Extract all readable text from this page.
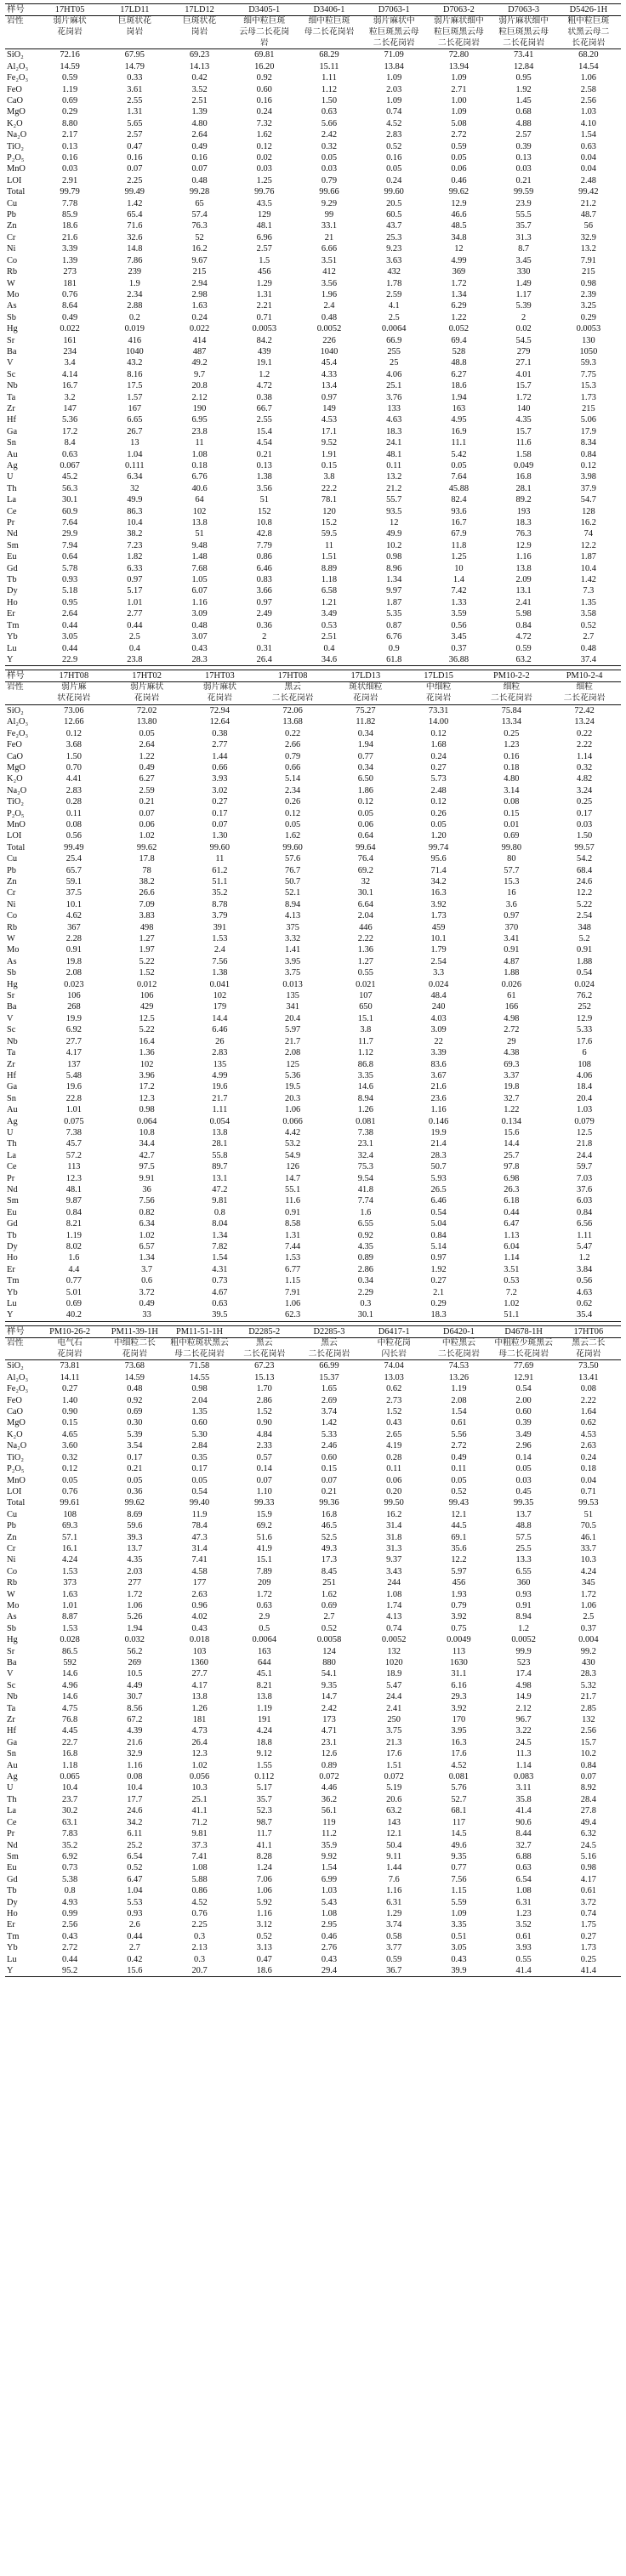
样号	17HT05	17LD11	17LD12	D3405-1	D3406-1	D7063-1	D7063-2	D7063-3	D5426-1H
岩性	弱片麻状	巨斑状花	巨斑状花	细中粒巨斑	细中粒巨斑	弱片麻状中	弱片麻状细中	弱片麻状细中	粗中粒巨斑
	花岗岩	岗岩	岗岩	云母二长花岗	母二长花岗岩	粒巨斑黑云母	粒巨斑黑云母	粒巨斑黑云母	状黑云母二
				岩		二长花岗岩	二长花岗岩	二长花岗岩	长花岗岩
SiO₂	72.16	67.95	69.23	69.81	68.29	71.09	72.80	73.41	68.20
Al₂O₃	14.59	14.79	14.13	16.20	15.11	13.84	13.94	12.84	14.54
Fe₂O₃	0.59	0.33	0.42	0.92	1.11	1.09	1.09	0.95	1.06
FeO	1.19	3.61	3.52	0.60	1.12	2.03	2.71	1.92	2.58
CaO	0.69	2.55	2.51	0.16	1.50	1.09	1.00	1.45	2.56
MgO	0.29	1.31	1.39	0.24	0.63	0.74	1.09	0.68	1.03
K₂O	8.80	5.65	4.80	7.32	5.66	4.52	5.08	4.88	4.10
Na₂O	2.17	2.57	2.64	1.62	2.42	2.83	2.72	2.57	1.54
TiO₂	0.13	0.47	0.49	0.12	0.32	0.52	0.59	0.39	0.63
P₂O₅	0.16	0.16	0.16	0.02	0.05	0.16	0.05	0.13	0.04
MnO	0.03	0.07	0.07	0.03	0.03	0.05	0.06	0.03	0.04
LOI	2.91	2.25	0.48	1.25	0.79	0.24	0.46	0.21	2.48
Total	99.79	99.49	99.28	99.76	99.66	99.60	99.62	99.59	99.42
Cu	7.78	1.42	65	43.5	9.29	20.5	12.9	23.9	21.2
Pb	85.9	65.4	57.4	129	99	60.5	46.6	55.5	48.7
Zn	18.6	71.6	76.3	48.1	33.1	43.7	48.5	35.7	56
Cr	21.6	32.6	52	6.96	21	25.3	34.8	31.3	32.9
Ni	3.39	14.8	16.2	2.57	6.66	9.23	12	8.7	13.2
Co	1.39	7.86	9.67	1.5	3.51	3.63	4.99	3.45	7.91
Rb	273	239	215	456	412	432	369	330	215
W	181	1.9	2.94	1.29	3.56	1.78	1.72	1.49	0.98
Mo	0.76	2.34	2.98	1.31	1.96	2.59	1.34	1.17	2.39
As	8.64	2.88	1.63	2.21	2.4	4.1	6.29	5.39	3.25
Sb	0.49	0.2	0.24	0.71	0.48	2.5	1.22	2	0.29
Hg	0.022	0.019	0.022	0.0053	0.0052	0.0064	0.052	0.02	0.0053
Sr	161	416	414	84.2	226	66.9	69.4	54.5	130
Ba	234	1040	487	439	1040	255	528	279	1050
V	3.4	43.2	49.2	19.1	45.4	25	48.8	27.1	59.3
Sc	4.14	8.16	9.7	1.2	4.33	4.06	6.27	4.01	7.75
Nb	16.7	17.5	20.8	4.72	13.4	25.1	18.6	15.7	15.3
Ta	3.2	1.57	2.12	0.38	0.97	3.76	1.94	1.72	1.73
Zr	147	167	190	66.7	149	133	163	140	215
Hf	5.36	6.65	6.95	2.55	4.53	4.63	4.95	4.35	5.06
Ga	17.2	26.7	23.8	15.4	17.1	18.3	16.9	15.7	17.9
Sn	8.4	13	11	4.54	9.52	24.1	11.1	11.6	8.34
Au	0.63	1.04	1.08	0.21	1.91	48.1	5.42	1.58	0.84
Ag	0.067	0.111	0.18	0.13	0.15	0.11	0.05	0.049	0.12
U	45.2	6.34	6.76	1.38	3.8	13.2	7.64	16.8	3.98
Th	56.3	32	40.6	3.56	22.2	21.2	45.88	28.1	37.9
La	30.1	49.9	64	51	78.1	55.7	82.4	89.2	54.7
Ce	60.9	86.3	102	152	120	93.5	93.6	193	128
Pr	7.64	10.4	13.8	10.8	15.2	12	16.7	18.3	16.2
Nd	29.9	38.2	51	42.8	59.5	49.9	67.9	76.3	74
Sm	7.94	7.23	9.48	7.79	11	10.2	11.8	12.9	12.2
Eu	0.64	1.82	1.48	0.86	1.51	0.98	1.25	1.16	1.87
Gd	5.78	6.33	7.68	6.46	8.89	8.96	10	13.8	10.4
Tb	0.93	0.97	1.05	0.83	1.18	1.34	1.4	2.09	1.42
Dy	5.18	5.17	6.07	3.66	6.58	9.97	7.42	13.1	7.3
Ho	0.95	1.01	1.16	0.97	1.21	1.87	1.33	2.41	1.35
Er	2.64	2.77	3.09	2.49	3.49	5.35	3.59	5.98	3.58
Tm	0.44	0.44	0.48	0.36	0.53	0.87	0.56	0.84	0.52
Yb	3.05	2.5	3.07	2	2.51	6.76	3.45	4.72	2.7
Lu	0.44	0.4	0.43	0.31	0.4	0.9	0.37	0.59	0.48
Y	22.9	23.8	28.3	26.4	34.6	61.8	36.88	63.2	37.4
样号	17HT08	17HT02	17HT03	17HT08	17LD13	17LD15	PM10-2-2	PM10-2-4
岩性	弱片麻	弱片麻状	弱片麻状	黑云	斑状细粒	中细粒	细粒	细粒
	状花岗岩	花岗岩	花岗岩	二长花岗岩	花岗岩	花岗岩	二长花岗岩	二长花岗岩
SiO₂	73.06	72.02	72.94	72.06	75.27	73.31	75.84	72.42
Al₂O₃	12.66	13.80	12.64	13.68	11.82	14.00	13.34	13.24
Fe₂O₃	0.12	0.05	0.38	0.22	0.34	0.12	0.25	0.22
FeO	3.68	2.64	2.77	2.66	1.94	1.68	1.23	2.22
CaO	1.50	1.22	1.44	0.79	0.77	0.24	0.16	1.14
MgO	0.70	0.49	0.66	0.66	0.34	0.27	0.18	0.32
K₂O	4.41	6.27	3.93	5.14	6.50	5.73	4.80	4.82
Na₂O	2.83	2.59	3.02	2.34	1.86	2.48	3.14	3.24
TiO₂	0.28	0.21	0.27	0.26	0.12	0.12	0.08	0.25
P₂O₅	0.11	0.07	0.17	0.12	0.05	0.26	0.15	0.17
MnO	0.08	0.06	0.07	0.05	0.06	0.05	0.01	0.03
LOI	0.56	1.02	1.30	1.62	0.64	1.20	0.69	1.50
Total	99.49	99.62	99.60	99.60	99.64	99.74	99.80	99.57
Cu	25.4	17.8	11	57.6	76.4	95.6	80	54.2
Pb	65.7	78	61.2	76.7	69.2	71.4	57.7	68.4
Zn	59.1	38.2	51.1	50.7	32	34.2	15.3	24.6
Cr	37.5	26.6	35.2	52.1	30.1	16.3	16	12.2
Ni	10.1	7.09	8.78	8.94	6.64	3.92	3.6	5.22
Co	4.62	3.83	3.79	4.13	2.04	1.73	0.97	2.54
Rb	367	498	391	375	446	459	370	348
W	2.28	1.27	1.53	3.32	2.22	10.1	3.41	5.2
Mo	0.91	1.97	2.4	1.41	1.36	1.79	0.91	0.91
As	19.8	5.22	7.56	3.95	1.27	2.54	4.87	1.88
Sb	2.08	1.52	1.38	3.75	0.55	3.3	1.88	0.54
Hg	0.023	0.012	0.041	0.013	0.021	0.024	0.026	0.024
Sr	106	106	102	135	107	48.4	61	76.2
Ba	268	429	179	341	650	240	166	252
V	19.9	12.5	14.4	20.4	15.1	4.03	4.98	12.9
Sc	6.92	5.22	6.46	5.97	3.8	3.09	2.72	5.33
Nb	27.7	16.4	26	21.7	11.7	22	29	17.6
Ta	4.17	1.36	2.83	2.08	1.12	3.39	4.38	6
Zr	137	102	135	125	86.8	83.6	69.3	108
Hf	5.48	3.96	4.99	5.36	3.35	3.67	3.37	4.06
Ga	19.6	17.2	19.6	19.5	14.6	21.6	19.8	18.4
Sn	22.8	12.3	21.7	20.3	8.94	23.6	32.7	20.4
Au	1.01	0.98	1.11	1.06	1.26	1.16	1.22	1.03
Ag	0.075	0.064	0.054	0.066	0.081	0.146	0.134	0.079
U	7.38	10.8	13.8	4.42	7.38	19.9	15.6	12.5
Th	45.7	34.4	28.1	53.2	23.1	21.4	14.4	21.8
La	57.2	42.7	55.8	54.9	32.4	28.3	25.7	24.4
Ce	113	97.5	89.7	126	75.3	50.7	97.8	59.7
Pr	12.3	9.91	13.1	14.7	9.54	5.93	6.98	7.03
Nd	48.1	36	47.2	55.1	41.8	26.5	26.3	37.6
Sm	9.87	7.56	9.81	11.6	7.74	6.46	6.18	6.03
Eu	0.84	0.82	0.8	0.91	1.6	0.54	0.44	0.84
Gd	8.21	6.34	8.04	8.58	6.55	5.04	6.47	6.56
Tb	1.19	1.02	1.34	1.31	0.92	0.84	1.13	1.11
Dy	8.02	6.57	7.82	7.44	4.35	5.14	6.04	5.47
Ho	1.6	1.34	1.54	1.53	0.89	0.97	1.14	1.2
Er	4.4	3.7	4.31	6.77	2.86	1.92	3.51	3.84
Tm	0.77	0.6	0.73	1.15	0.34	0.27	0.53	0.56
Yb	5.01	3.72	4.67	7.91	2.29	2.1	7.2	4.63
Lu	0.69	0.49	0.63	1.06	0.3	0.29	1.02	0.62
Y	40.2	33	39.5	62.3	30.1	18.3	51.1	35.4
样号	PM10-26-2	PM11-39-1H	PM11-51-1H	D2285-2	D2285-3	D6417-1	D6420-1	D4678-1H	17HT06
岩性	电气石	中细粒二长	粗中粒斑状黑云	黑云	黑云	中粒花岗	中粒黑云	中粗粒少斑黑云	黑云二长
	花岗岩	花岗岩	母二长花岗岩	二长花岗岩	二长花岗岩	闪长岩	二长花岗岩	母二长花岗岩	花岗岩
SiO₂	73.81	73.68	71.58	67.23	66.99	74.04	74.53	77.69	73.50
Al₂O₃	14.11	14.59	14.55	15.13	15.37	13.03	13.26	12.91	13.41
Fe₂O₃	0.27	0.48	0.98	1.70	1.65	0.62	1.19	0.54	0.08
FeO	1.40	0.92	2.04	2.86	2.69	2.73	2.08	2.00	2.22
CaO	0.90	0.69	1.35	1.52	3.74	1.52	1.54	0.60	1.64
MgO	0.15	0.30	0.60	0.90	1.42	0.43	0.61	0.39	0.62
K₂O	4.65	5.39	5.30	4.84	5.33	2.65	5.56	3.49	4.53
Na₂O	3.60	3.54	2.84	2.33	2.46	4.19	2.72	2.96	2.63
TiO₂	0.32	0.17	0.35	0.57	0.60	0.28	0.49	0.14	0.24
P₂O₅	0.12	0.21	0.17	0.14	0.15	0.11	0.11	0.05	0.18
MnO	0.05	0.05	0.05	0.07	0.07	0.06	0.05	0.03	0.04
LOI	0.76	0.36	0.54	1.10	0.21	0.20	0.52	0.45	0.71
Total	99.61	99.62	99.40	99.33	99.36	99.50	99.43	99.35	99.53
Cu	108	8.69	11.9	15.9	16.8	16.2	12.1	13.7	51
Pb	69.3	59.6	78.4	69.2	46.5	31.4	44.5	48.8	70.5
Zn	57.1	39.3	47.3	51.6	52.5	31.8	69.1	57.5	46.1
Cr	16.1	13.7	31.4	41.9	49.3	31.3	35.6	25.5	33.7
Ni	4.24	4.35	7.41	15.1	17.3	9.37	12.2	13.3	10.3
Co	1.53	2.03	4.58	7.89	8.45	3.43	5.97	6.55	4.24
Rb	373	277	177	209	251	244	456	360	345
W	1.63	1.72	2.63	1.72	1.62	1.08	1.93	0.93	1.72
Mo	1.01	1.06	0.96	0.63	0.69	1.74	0.79	0.91	1.06
As	8.87	5.26	4.02	2.9	2.7	4.13	3.92	8.94	2.5
Sb	1.53	1.94	0.43	0.5	0.52	0.74	0.75	1.2	0.37
Hg	0.028	0.032	0.018	0.0064	0.0058	0.0052	0.0049	0.0052	0.004
Sr	86.5	56.2	103	163	124	132	113	99.9	99.2
Ba	592	269	1360	644	880	1020	1630	523	430
V	14.6	10.5	27.7	45.1	54.1	18.9	31.1	17.4	28.3
Sc	4.96	4.49	4.17	8.21	9.35	5.47	6.16	4.98	5.32
Nb	14.6	30.7	13.8	13.8	14.7	24.4	29.3	14.9	21.7
Ta	4.75	8.56	1.26	1.19	2.42	2.41	3.92	2.12	2.85
Zr	76.8	67.2	181	191	173	250	170	96.7	132
Hf	4.45	4.39	4.73	4.24	4.71	3.75	3.95	3.22	2.56
Ga	22.7	21.6	26.4	18.8	23.1	21.3	16.3	24.5	15.7
Sn	16.8	32.9	12.3	9.12	12.6	17.6	17.6	11.3	10.2
Au	1.18	1.16	1.02	1.55	0.89	1.51	4.52	1.14	0.84
Ag	0.065	0.08	0.056	0.112	0.072	0.072	0.081	0.083	0.07
U	10.4	10.4	10.3	5.17	4.46	5.19	5.76	3.11	8.92
Th	23.7	17.7	25.1	35.7	36.2	20.6	52.7	35.8	28.4
La	30.2	24.6	41.1	52.3	56.1	63.2	68.1	41.4	27.8
Ce	63.1	34.2	71.2	98.7	119	143	117	90.6	49.4
Pr	7.83	6.11	9.81	11.7	11.2	12.1	14.5	8.44	6.32
Nd	35.2	25.2	37.3	41.1	35.9	50.4	49.6	32.7	24.5
Sm	6.92	6.54	7.41	8.28	9.92	9.11	9.35	6.88	5.16
Eu	0.73	0.52	1.08	1.24	1.54	1.44	0.77	0.63	0.98
Gd	5.38	6.47	5.88	7.06	6.99	7.6	7.56	6.54	4.17
Tb	0.8	1.04	0.86	1.06	1.03	1.16	1.15	1.08	0.61
Dy	4.93	5.53	4.52	5.92	5.43	6.31	5.59	6.31	3.72
Ho	0.99	0.93	0.76	1.16	1.08	1.29	1.09	1.23	0.74
Er	2.56	2.6	2.25	3.12	2.95	3.74	3.35	3.52	1.75
Tm	0.43	0.44	0.3	0.52	0.46	0.58	0.51	0.61	0.27
Yb	2.72	2.7	2.13	3.13	2.76	3.77	3.05	3.93	1.73
Lu	0.44	0.42	0.3	0.47	0.43	0.59	0.43	0.55	0.25
Y	95.2	15.6	20.7	18.6	29.4	36.7	39.9	41.4	41.4
